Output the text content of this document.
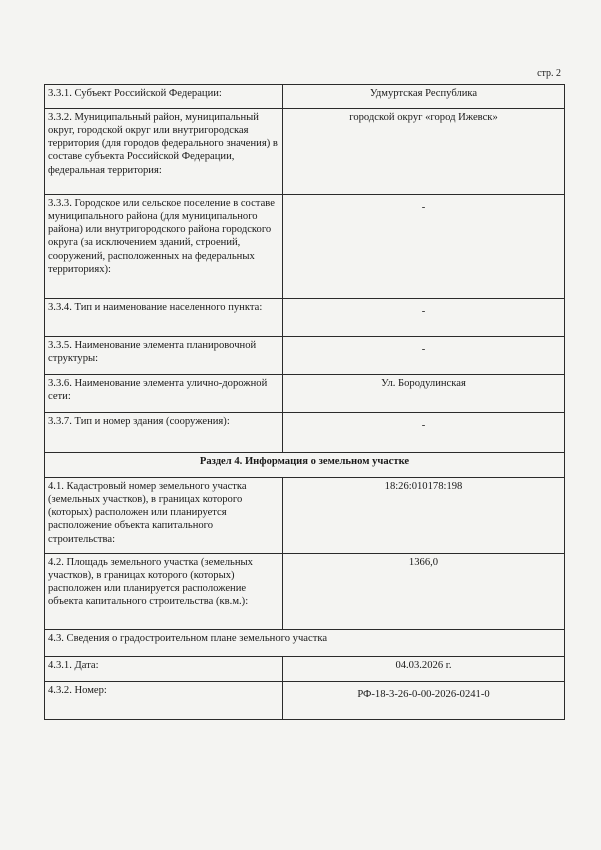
стр. 2
3.3.1. Субъект Российской Федерации:	Удмуртская Республика
3.3.2. Муниципальный район, муниципальный округ, городской округ или внутригородская территория (для городов федерального значения) в составе субъекта Российской Федерации, федеральная территория:	городской округ «город Ижевск»
3.3.3. Городское или сельское поселение в составе муниципального района (для муниципального района) или внутригородского района городского округа (за исключением зданий, строений, сооружений, расположенных на федеральных территориях):	-
3.3.4. Тип и наименование населенного пункта:	-
3.3.5. Наименование элемента планировочной структуры:	-
3.3.6. Наименование элемента улично-дорожной сети:	Ул. Бородулинская
3.3.7. Тип и номер здания (сооружения):	-
Раздел 4. Информация о земельном участке	
4.1. Кадастровый номер земельного участка (земельных участков), в границах которого (которых) расположен или планируется расположение объекта капитального строительства:	18:26:010178:198
4.2. Площадь земельного участка (земельных участков), в границах которого (которых) расположен или планируется расположение объекта капитального строительства (кв.м.):	1366,0
4.3. Сведения о градостроительном плане земельного участка	
4.3.1. Дата:	04.03.2026 г.
4.3.2. Номер:	РФ-18-3-26-0-00-2026-0241-0
